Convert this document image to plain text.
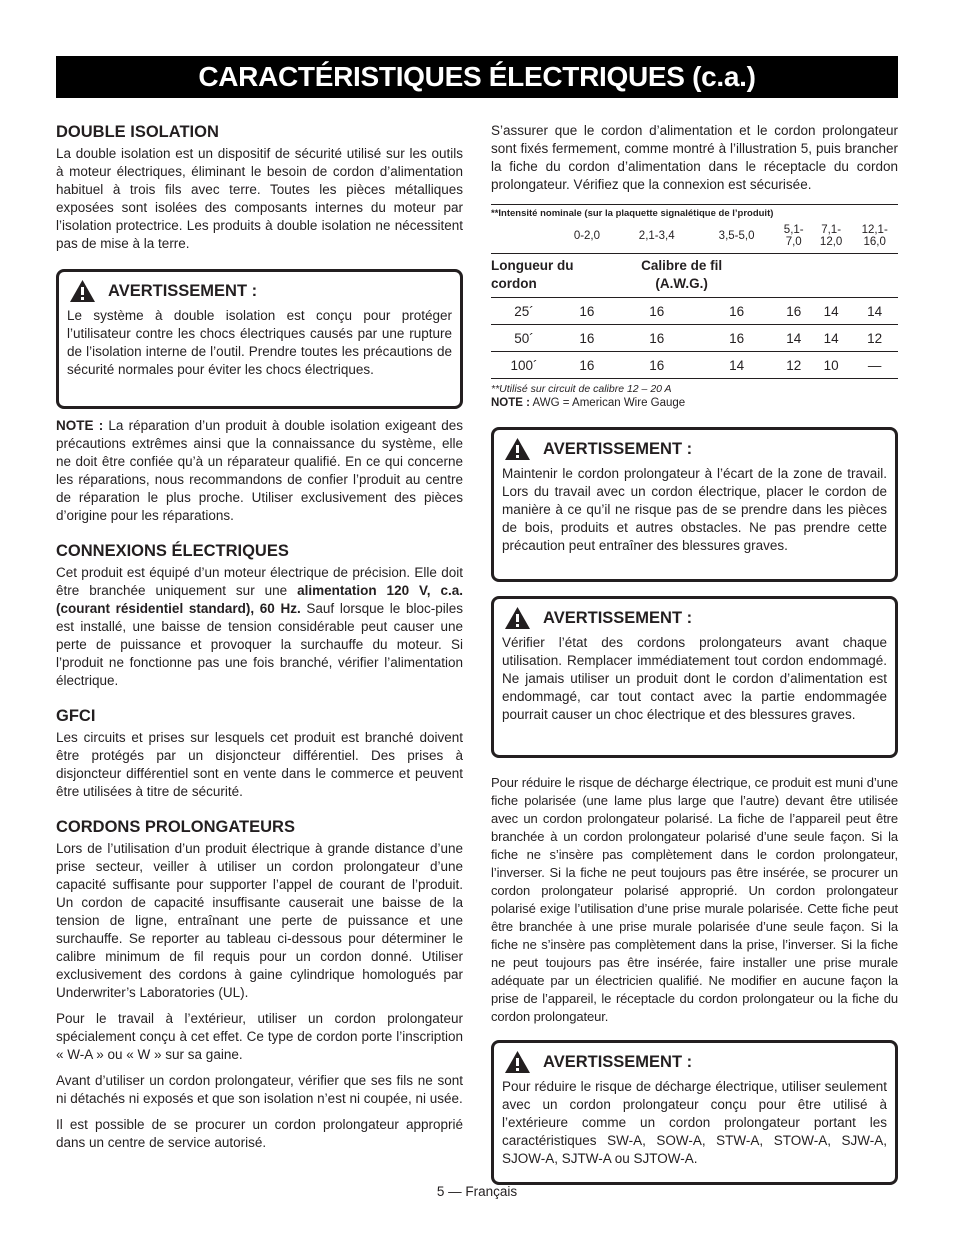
CARACTÉRISTIQUES ÉLECTRIQUES (c.a.)
DOUBLE ISOLATION

La double isolation est un dispositif de sécurité utilisé sur les outils à moteur électriques, éliminant le besoin de cordon d’alimentation habituel à trois fils avec terre. Toutes les pièces métalliques exposées sont isolées des composants internes du moteur par l’isolation protectrice. Les produits à double isolation ne nécessitent pas de mise à la terre.

AVERTISSEMENT :

Le système à double isolation est conçu pour protéger l’utilisateur contre les chocs électriques causés par une rupture de l’isolation interne de l’outil. Prendre toutes les précautions de sécurité normales pour éviter les chocs électriques.

NOTE : La réparation d’un produit à double isolation exigeant des précautions extrêmes ainsi que la connaissance du système, elle ne doit être confiée qu’à un réparateur qualifié. En ce qui concerne les réparations, nous recommandons de confier l’produit au centre de réparation le plus proche. Utiliser exclusivement des pièces d’origine pour les réparations.

CONNEXIONS ÉLECTRIQUES

Cet produit est équipé d’un moteur électrique de précision. Elle doit être branchée uniquement sur une alimentation 120 V, c.a. (courant résidentiel standard), 60 Hz. Sauf lorsque le bloc-piles est installé, une baisse de tension considérable peut causer une perte de puissance et provoquer la surchauffe du moteur. Si l’produit ne fonctionne pas une fois branché, vérifier l’alimentation électrique.

GFCI

Les circuits et prises sur lesquels cet produit est branché doivent être protégés par un disjoncteur différentiel. Des prises à disjoncteur différentiel sont en vente dans le commerce et peuvent être utilisées à titre de sécurité.

CORDONS PROLONGATEURS

Lors de l’utilisation d’un produit électrique à grande distance d’une prise secteur, veiller à utiliser un cordon prolongateur d’une capacité suffisante pour supporter l’appel de courant de l’produit. Un cordon de capacité insuffisante causerait une baisse de la tension de ligne, entraînant une perte de puissance et une surchauffe. Se reporter au tableau ci-dessous pour déterminer le calibre minimum de fil requis pour un cordon donné. Utiliser exclusivement des cordons à gaine cylindrique homologués par Underwriter’s Laboratories (UL).

Pour le travail à l’extérieur, utiliser un cordon prolongateur spécialement conçu à cet effet. Ce type de cordon porte l’inscription « W-A » ou « W » sur sa gaine.

Avant d’utiliser un cordon prolongateur, vérifier que ses fils ne sont ni détachés ni exposés et que son isolation n’est ni coupée, ni usée.

Il est possible de se procurer un cordon prolongateur approprié dans un centre de service autorisé.

S’assurer que le cordon d’alimentation et le cordon prolongateur sont fixés fermement, comme montré à l’illustration 5, puis brancher la fiche du cordon d’alimentation dans le réceptacle du cordon prolongateur. Vérifiez que la connexion est sécurisée.

**Intensité nominale (sur la plaquette signalétique de l’produit)						
	0-2,0	2,1-3,4	3,5-5,0	5,1-7,0	7,1-12,0	12,1-16,0
Longueur du cordon		Calibre de fil (A.W.G.)				
25´	16	16	16	16	14	14
50´	16	16	16	14	14	12
100´	16	16	14	12	10	—
**Utilisé sur circuit de calibre 12 – 20 A
NOTE : AWG = American Wire Gauge
AVERTISSEMENT :

Maintenir le cordon prolongateur à l’écart de la zone de travail. Lors du travail avec un cordon électrique, placer le cordon de manière à ce qu’il ne risque pas de se prendre dans les pièces de bois, produits et autres obstacles. Ne pas prendre cette précaution peut entraîner des blessures graves.

AVERTISSEMENT :

Vérifier l’état des cordons prolongateurs avant chaque utilisation. Remplacer immédiatement tout cordon endommagé. Ne jamais utiliser un produit dont le cordon d’alimentation est endommagé, car tout contact avec la partie endommagée pourrait causer un choc électrique et des blessures graves.

Pour réduire le risque de décharge électrique, ce produit est muni d’une fiche polarisée (une lame plus large que l’autre) devant être utilisée avec un cordon prolongateur polarisé. La fiche de l’appareil peut être branchée à un cordon prolongateur polarisé d’une seule façon. Si la fiche ne s’insère pas complètement dans le cordon prolongateur, l’inverser. Si la fiche ne peut toujours pas être insérée, se procurer un cordon prolongateur polarisé approprié. Un cordon prolongateur polarisé exige l’utilisation d’une prise murale polarisée. Cette fiche peut être branchée à une prise murale polarisée d’une seule façon. Si la fiche ne s’insère pas complètement dans la prise, l’inverser. Si la fiche ne peut toujours pas être insérée, faire installer une prise murale adéquate par un électricien qualifié. Ne modifier en aucune façon la prise de l’appareil, le réceptacle du cordon prolongateur ou la fiche du cordon prolongateur.

AVERTISSEMENT :

Pour réduire le risque de décharge électrique, utiliser seulement avec un cordon prolongateur conçu pour être utilisé à l’extérieure comme un cordon prolongateur portant les caractéristiques SW-A, SOW-A, STW-A, STOW-A, SJW-A, SJOW-A, SJTW-A ou SJTOW-A.

5 — Français
